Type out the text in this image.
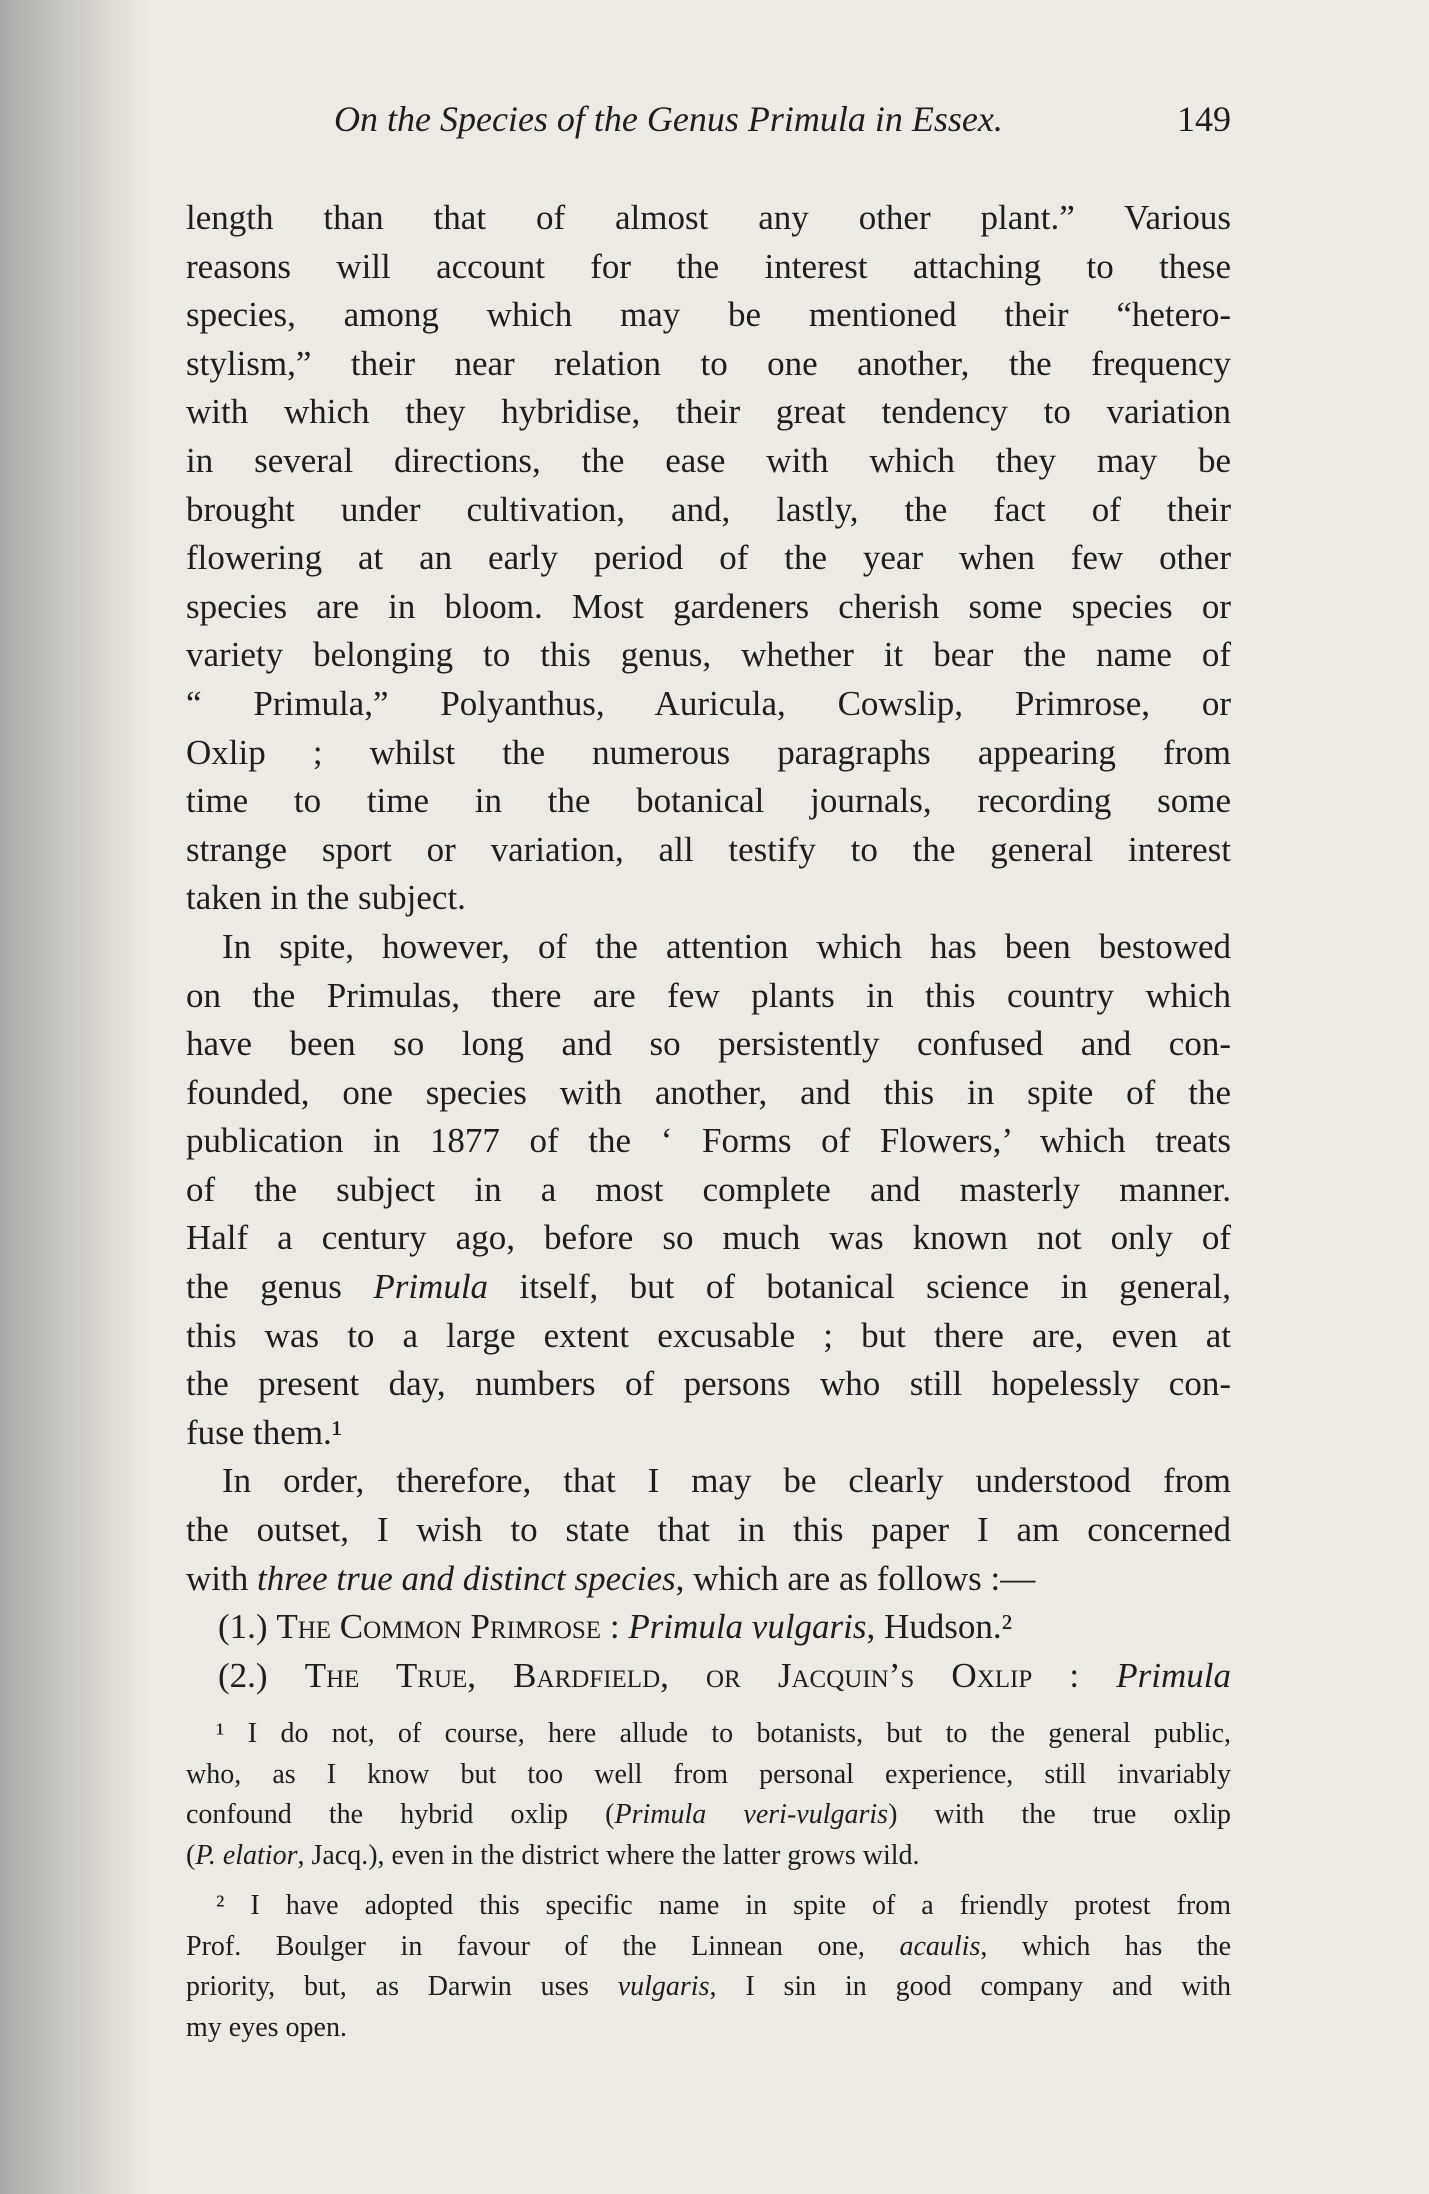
On the Species of the Genus Primula in Essex.	149
length than that of almost any other plant.” Various
reasons will account for the interest attaching to these
species, among which may be mentioned their “hetero-
stylism,” their near relation to one another, the frequency
with which they hybridise, their great tendency to variation
in several directions, the ease with which they may be
brought under cultivation, and, lastly, the fact of their
flowering at an early period of the year when few other
species are in bloom. Most gardeners cherish some species or
variety belonging to this genus, whether it bear the name of
“ Primula,” Polyanthus, Auricula, Cowslip, Primrose, or
Oxlip ; whilst the numerous paragraphs appearing from
time to time in the botanical journals, recording some
strange sport or variation, all testify to the general interest
taken in the subject.
In spite, however, of the attention which has been bestowed
on the Primulas, there are few plants in this country which
have been so long and so persistently confused and con-
founded, one species with another, and this in spite of the
publication in 1877 of the ‘ Forms of Flowers,’ which treats
of the subject in a most complete and masterly manner.
Half a century ago, before so much was known not only of
the genus Primula itself, but of botanical science in general,
this was to a large extent excusable ; but there are, even at
the present day, numbers of persons who still hopelessly con-
fuse them.¹
In order, therefore, that I may be clearly understood from
the outset, I wish to state that in this paper I am concerned
with three true and distinct species, which are as follows :—
(1.) The Common Primrose : Primula vulgaris, Hudson.²
(2.) The True, Bardfield, or Jacquin’s Oxlip : Primula
¹ I do not, of course, here allude to botanists, but to the general public,
who, as I know but too well from personal experience, still invariably
confound the hybrid oxlip (Primula veri-vulgaris) with the true oxlip
(P. elatior, Jacq.), even in the district where the latter grows wild.
² I have adopted this specific name in spite of a friendly protest from
Prof. Boulger in favour of the Linnean one, acaulis, which has the
priority, but, as Darwin uses vulgaris, I sin in good company and with
my eyes open.
